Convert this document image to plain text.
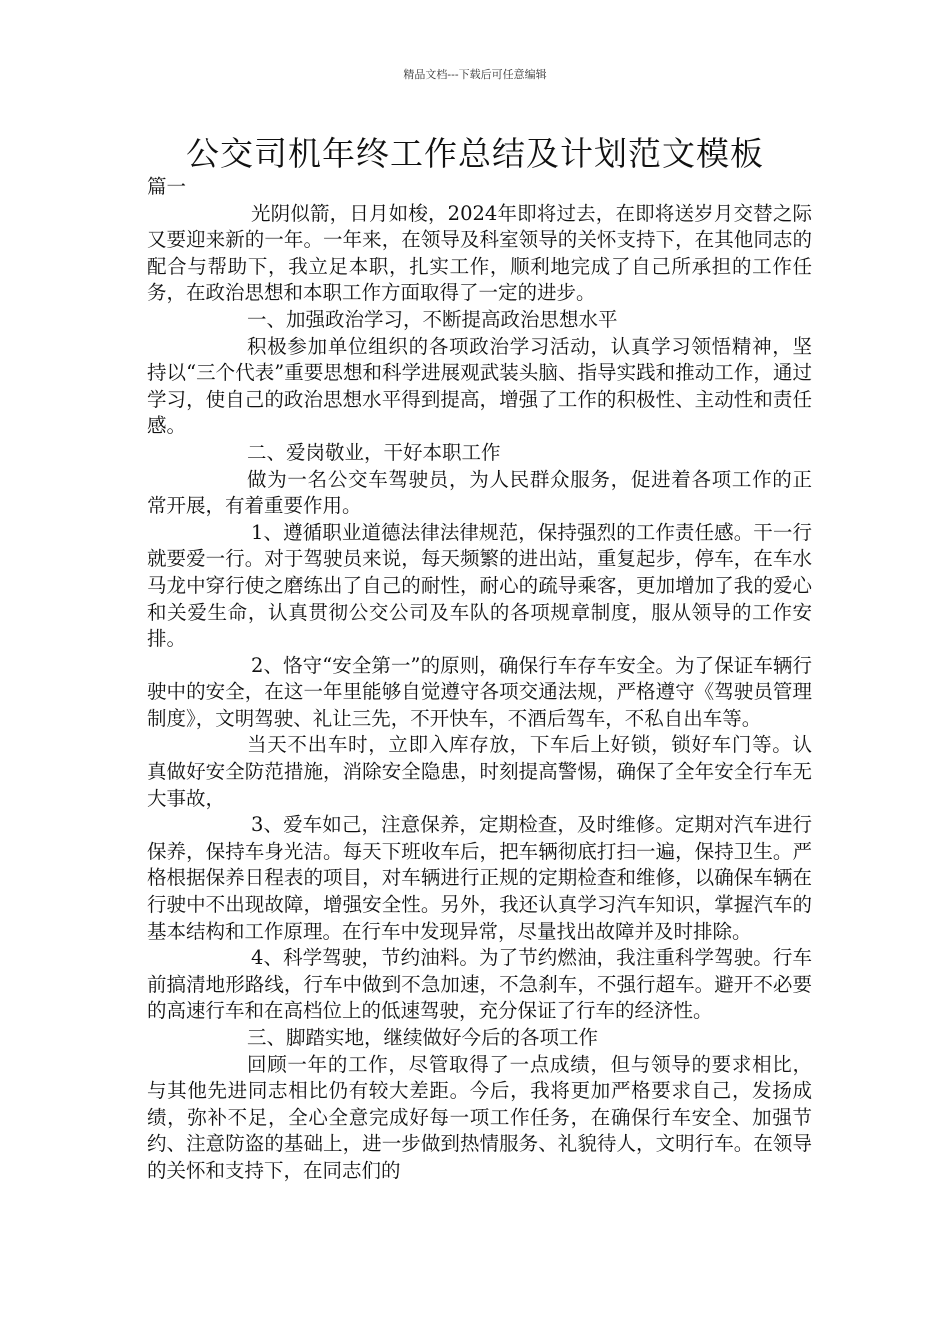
精品文档---下载后可任意编辑
公交司机年终工作总结及计划范文模板

篇一

光阴似箭，日月如梭，2024年即将过去，在即将送岁月交替之际又要迎来新的一年。一年来，在领导及科室领导的关怀支持下，在其他同志的配合与帮助下，我立足本职，扎实工作，顺利地完成了自己所承担的工作任务，在政治思想和本职工作方面取得了一定的进步。

一、加强政治学习，不断提高政治思想水平

积极参加单位组织的各项政治学习活动，认真学习领悟精神，坚持以“三个代表”重要思想和科学进展观武装头脑、指导实践和推动工作，通过学习，使自己的政治思想水平得到提高，增强了工作的积极性、主动性和责任感。

二、爱岗敬业，干好本职工作

做为一名公交车驾驶员，为人民群众服务，促进着各项工作的正常开展，有着重要作用。

1、遵循职业道德法律法律规范，保持强烈的工作责任感。干一行就要爱一行。对于驾驶员来说，每天频繁的进出站，重复起步，停车，在车水马龙中穿行使之磨练出了自己的耐性，耐心的疏导乘客，更加增加了我的爱心和关爱生命，认真贯彻公交公司及车队的各项规章制度，服从领导的工作安排。

2、恪守“安全第一”的原则，确保行车存车安全。为了保证车辆行驶中的安全，在这一年里能够自觉遵守各项交通法规，严格遵守《驾驶员管理制度》，文明驾驶、礼让三先，不开快车，不酒后驾车，不私自出车等。

当天不出车时，立即入库存放，下车后上好锁，锁好车门等。认真做好安全防范措施，消除安全隐患，时刻提高警惕，确保了全年安全行车无大事故，

3、爱车如己，注意保养，定期检查，及时维修。定期对汽车进行保养，保持车身光洁。每天下班收车后，把车辆彻底打扫一遍，保持卫生。严格根据保养日程表的项目，对车辆进行正规的定期检查和维修，以确保车辆在行驶中不出现故障，增强安全性。另外，我还认真学习汽车知识，掌握汽车的基本结构和工作原理。在行车中发现异常，尽量找出故障并及时排除。

4、科学驾驶，节约油料。为了节约燃油，我注重科学驾驶。行车前搞清地形路线，行车中做到不急加速，不急刹车，不强行超车。避开不必要的高速行车和在高档位上的低速驾驶，充分保证了行车的经济性。

三、脚踏实地，继续做好今后的各项工作

回顾一年的工作，尽管取得了一点成绩，但与领导的要求相比，与其他先进同志相比仍有较大差距。今后，我将更加严格要求自己，发扬成绩，弥补不足，全心全意完成好每一项工作任务，在确保行车安全、加强节约、注意防盗的基础上，进一步做到热情服务、礼貌待人，文明行车。在领导的关怀和支持下，在同志们的
